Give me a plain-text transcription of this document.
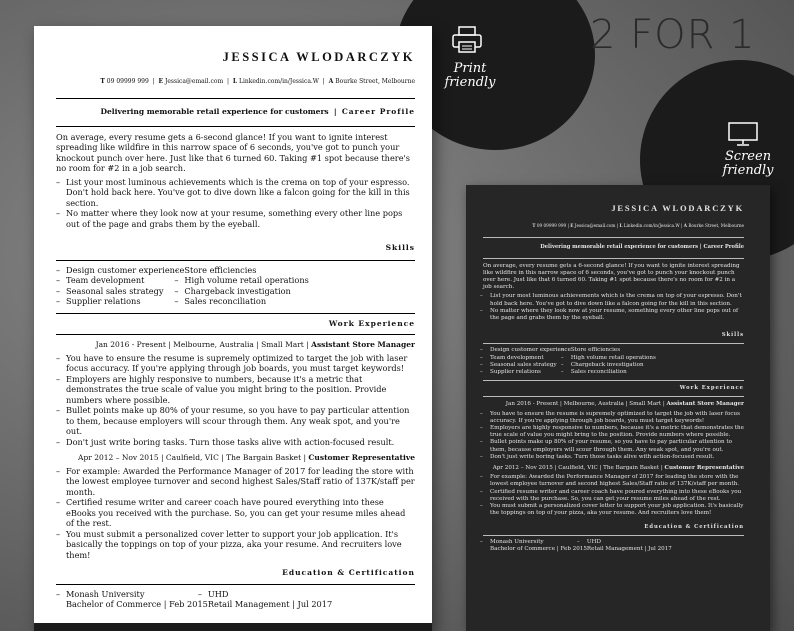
2 FOR 1
Print friendly
Screen friendly
JESSICA WLODARCZYK
T 09 09999 999  |  E Jessica@email.com  |  L Linkedin.com/in/Jessica.W  |  A Bourke Street, Melbourne
Delivering memorable retail experience for customers | Career Profile

On average, every resume gets a 6-second glance! If you want to ignite interest spreading like wildfire in this narrow space of 6 seconds, you've got to punch your knockout punch over here. Just like that 6 turned 60. Taking #1 spot because there's no room for #2 in a job search.

– List your most luminous achievements which is the crema on top of your espresso. Don't hold back here. You've got to dive down like a falcon going for the kill in this section.
– No matter where they look now at your resume, something every other line pops out of the page and grabs them by the eyeball.
Skills
– Design customer experience
– Team development
– Seasonal sales strategy
– Supplier relations
– Store efficiencies
– High volume retail operations
– Chargeback investigation
– Sales reconciliation
Work Experience
Jan 2016 - Present | Melbourne, Australia | Small Mart | Assistant Store Manager
– You have to ensure the resume is supremely optimized to target the job with laser focus accuracy. If you're applying through job boards, you must target keywords!
– Employers are highly responsive to numbers, because it's a metric that demonstrates the true scale of value you might bring to the position. Provide numbers where possible.
– Bullet points make up 80% of your resume, so you have to pay particular attention to them, because employers will scour through them. Any weak spot, and you're out.
– Don't just write boring tasks. Turn those tasks alive with action-focused result.
Apr 2012 – Nov 2015 | Caulfield, VIC | The Bargain Basket | Customer Representative
– For example: Awarded the Performance Manager of 2017 for leading the store with the lowest employee turnover and second highest Sales/Staff ratio of 137K/staff per month.
– Certified resume writer and career coach have poured everything into these eBooks you received with the purchase. So, you can get your resume miles ahead of the rest.
– You must submit a personalized cover letter to support your job application. It's basically the toppings on top of your pizza, aka your resume. And recruiters love them!
Education & Certification
– Monash University
Bachelor of Commerce | Feb 2015
– UHD
Retail Management | Jul 2017
JESSICA WLODARCZYK
T 09 09999 999 | E Jessica@email.com | L Linkedin.com/in/Jessica.W | A Bourke Street, Melbourne
Delivering memorable retail experience for customers | Career Profile

On average, every resume gets a 6-second glance! If you want to ignite interest spreading like wildfire in this narrow space of 6 seconds, you've got to punch your knockout punch over here. Just like that 6 turned 60. Taking #1 spot because there's no room for #2 in a job search.

– List your most luminous achievements which is the crema on top of your espresso. Don't hold back here. You've got to dive down like a falcon going for the kill in this section.
– No matter where they look now at your resume, something every other line pops out of the page and grabs them by the eyeball.
Skills
– Design customer experience
– Team development
– Seasonal sales strategy
– Supplier relations
– Store efficiencies
– High volume retail operations
– Chargeback investigation
– Sales reconciliation
Work Experience
Jan 2016 - Present | Melbourne, Australia | Small Mart | Assistant Store Manager
– You have to ensure the resume is supremely optimized to target the job with laser focus accuracy. If you're applying through job boards, you must target keywords!
– Employers are highly responsive to numbers, because it's a metric that demonstrates the true scale of value you might bring to the position. Provide numbers where possible.
– Bullet points make up 80% of your resume, so you have to pay particular attention to them, because employers will scour through them. Any weak spot, and you're out.
– Don't just write boring tasks. Turn those tasks alive with action-focused result.
Apr 2012 – Nov 2015 | Caulfield, VIC | The Bargain Basket | Customer Representative
– For example: Awarded the Performance Manager of 2017 for leading the store with the lowest employee turnover and second highest Sales/Staff ratio of 137K/staff per month.
– Certified resume writer and career coach have poured everything into these eBooks you received with the purchase. So, you can get your resume miles ahead of the rest.
– You must submit a personalized cover letter to support your job application. It's basically the toppings on top of your pizza, aka your resume. And recruiters love them!
Education & Certification
– Monash University
Bachelor of Commerce | Feb 2015
– UHD
Retail Management | Jul 2017
